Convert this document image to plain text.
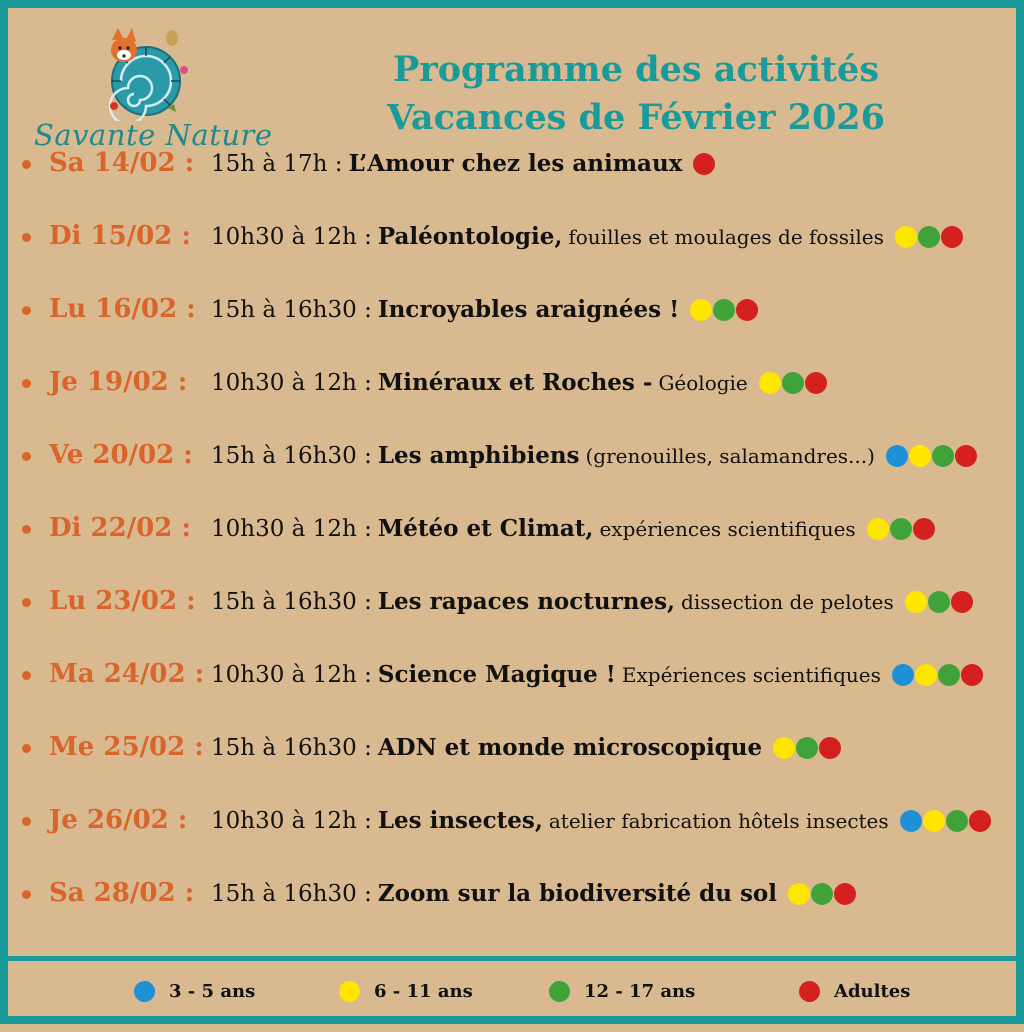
Savante Nature
Programme des activités
Vacances de Février 2026
Sa 14/02 : 15h à 17h : L’Amour chez les animaux
Di 15/02 : 10h30 à 12h : Paléontologie, fouilles et moulages de fossiles
Lu 16/02 : 15h à 16h30 : Incroyables araignées !
Je 19/02 : 10h30 à 12h : Minéraux et Roches - Géologie
Ve 20/02 : 15h à 16h30 : Les amphibiens (grenouilles, salamandres...)
Di 22/02 : 10h30 à 12h : Météo et Climat, expériences scientifiques
Lu 23/02 : 15h à 16h30 : Les rapaces nocturnes, dissection de pelotes
Ma 24/02 : 10h30 à 12h : Science Magique ! Expériences scientifiques
Me 25/02 : 15h à 16h30 : ADN et monde microscopique
Je 26/02 : 10h30 à 12h : Les insectes, atelier fabrication hôtels insectes
Sa 28/02 : 15h à 16h30 : Zoom sur la biodiversité du sol
3 - 5 ans	6 - 11 ans	12 - 17 ans	Adultes
